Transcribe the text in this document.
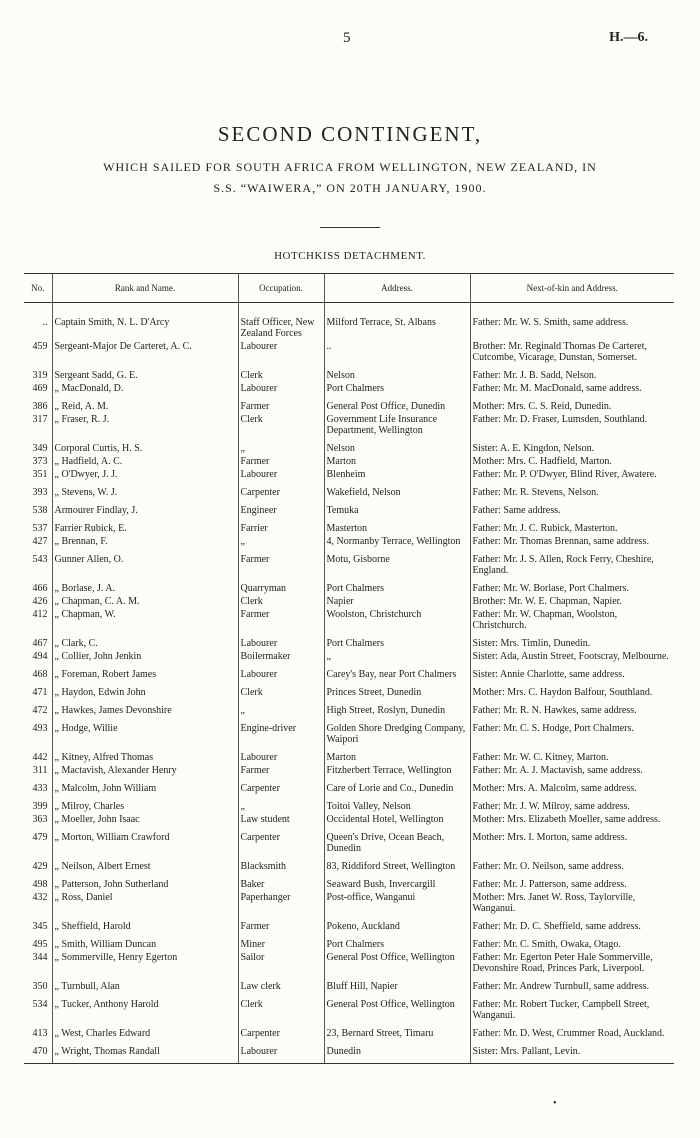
5	H.—6.
SECOND CONTINGENT,
WHICH SAILED FOR SOUTH AFRICA FROM WELLINGTON, NEW ZEALAND, IN
S.S. “WAIWERA,” ON 20TH JANUARY, 1900.
HOTCHKISS DETACHMENT.
No.	Rank and Name.	Occupation.	Address.	Next-of-kin and Address.
..	Captain Smith, N. L. D'Arcy	Staff Officer, New Zealand Forces	Milford Terrace, St. Albans	Father: Mr. W. S. Smith, same address.
459	Sergeant-Major De Carteret, A. C.	Labourer	..	Brother: Mr. Reginald Thomas De Carteret, Cutcombe, Vicarage, Dunstan, Somerset.
319	Sergeant Sadd, G. E.	Clerk	Nelson	Father: Mr. J. B. Sadd, Nelson.
469	„ MacDonald, D.	Labourer	Port Chalmers	Father: Mr. M. MacDonald, same address.
386	„ Reid, A. M.	Farmer	General Post Office, Dunedin	Mother: Mrs. C. S. Reid, Dunedin.
317	„ Fraser, R. J.	Clerk	Government Life Insurance Department, Wellington	Father: Mr. D. Fraser, Lumsden, Southland.
349	Corporal Curtis, H. S.	„	Nelson	Sister: A. E. Kingdon, Nelson.
373	„ Hadfield, A. C.	Farmer	Marton	Mother: Mrs. C. Hadfield, Marton.
351	„ O'Dwyer, J. J.	Labourer	Blenheim	Father: Mr. P. O'Dwyer, Blind River, Awatere.
393	„ Stevens, W. J.	Carpenter	Wakefield, Nelson	Father: Mr. R. Stevens, Nelson.
538	Armourer Findlay, J.	Engineer	Temuka	Father: Same address.
537	Farrier Rubick, E.	Farrier	Masterton	Father: Mr. J. C. Rubick, Masterton.
427	„ Brennan, F.	„	4, Normanby Terrace, Wellington	Father: Mr. Thomas Brennan, same address.
543	Gunner Allen, O.	Farmer	Motu, Gisborne	Father: Mr. J. S. Allen, Rock Ferry, Cheshire, England.
466	„ Borlase, J. A.	Quarryman	Port Chalmers	Father: Mr. W. Borlase, Port Chalmers.
426	„ Chapman, C. A. M.	Clerk	Napier	Brother: Mr. W. E. Chapman, Napier.
412	„ Chapman, W.	Farmer	Woolston, Christchurch	Father: Mr. W. Chapman, Woolston, Christchurch.
467	„ Clark, C.	Labourer	Port Chalmers	Sister: Mrs. Timlin, Dunedin.
494	„ Collier, John Jenkin	Boilermaker	„	Sister: Ada, Austin Street, Footscray, Melbourne.
468	„ Foreman, Robert James	Labourer	Carey's Bay, near Port Chalmers	Sister: Annie Charlotte, same address.
471	„ Haydon, Edwin John	Clerk	Princes Street, Dunedin	Mother: Mrs. C. Haydon Balfour, Southland.
472	„ Hawkes, James Devonshire	„	High Street, Roslyn, Dunedin	Father: Mr. R. N. Hawkes, same address.
493	„ Hodge, Willie	Engine-driver	Golden Shore Dredging Company, Waipori	Father: Mr. C. S. Hodge, Port Chalmers.
442	„ Kitney, Alfred Thomas	Labourer	Marton	Father: Mr. W. C. Kitney, Marton.
311	„ Mactavish, Alexander Henry	Farmer	Fitzherbert Terrace, Wellington	Father: Mr. A. J. Mactavish, same address.
433	„ Malcolm, John William	Carpenter	Care of Lorie and Co., Dunedin	Mother: Mrs. A. Malcolm, same address.
399	„ Milroy, Charles	„	Toitoi Valley, Nelson	Father: Mr. J. W. Milroy, same address.
363	„ Moeller, John Isaac	Law student	Occidental Hotel, Wellington	Mother: Mrs. Elizabeth Moeller, same address.
479	„ Morton, William Crawford	Carpenter	Queen's Drive, Ocean Beach, Dunedin	Mother: Mrs. I. Morton, same address.
429	„ Neilson, Albert Ernest	Blacksmith	83, Riddiford Street, Wellington	Father: Mr. O. Neilson, same address.
498	„ Patterson, John Sutherland	Baker	Seaward Bush, Invercargill	Father: Mr. J. Patterson, same address.
432	„ Ross, Daniel	Paperhanger	Post-office, Wanganui	Mother: Mrs. Janet W. Ross, Taylorville, Wanganui.
345	„ Sheffield, Harold	Farmer	Pokeno, Auckland	Father: Mr. D. C. Sheffield, same address.
495	„ Smith, William Duncan	Miner	Port Chalmers	Father: Mr. C. Smith, Owaka, Otago.
344	„ Sommerville, Henry Egerton	Sailor	General Post Office, Wellington	Father: Mr. Egerton Peter Hale Sommerville, Devonshire Road, Princes Park, Liverpool.
350	„ Turnbull, Alan	Law clerk	Bluff Hill, Napier	Father: Mr. Andrew Turnbull, same address.
534	„ Tucker, Anthony Harold	Clerk	General Post Office, Wellington	Father: Mr. Robert Tucker, Campbell Street, Wanganui.
413	„ West, Charles Edward	Carpenter	23, Bernard Street, Timaru	Father: Mr. D. West, Crummer Road, Auckland.
470	„ Wright, Thomas Randall	Labourer	Dunedin	Sister: Mrs. Pallant, Levin.
•
